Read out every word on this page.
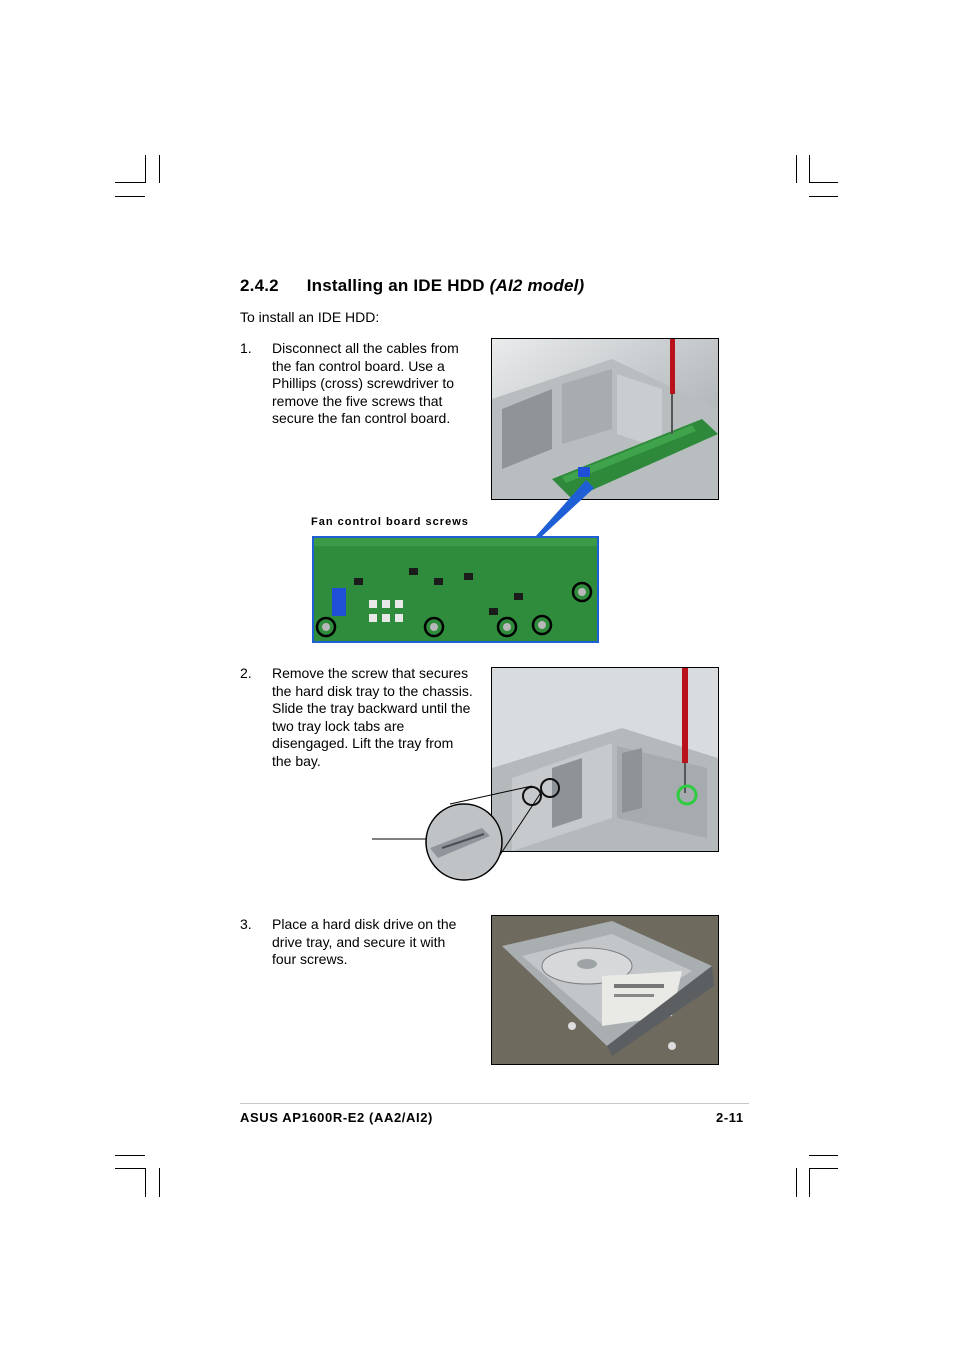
2.4.2 Installing an IDE HDD (AI2 model)
To install an IDE HDD:
1. Disconnect all the cables from
the fan control board. Use a
Phillips (cross) screwdriver to
remove the five screws that
secure the fan control board.
Fan control board screws
2. Remove the screw that secures
the hard disk tray to the chassis.
Slide the tray backward until the
two tray lock tabs are
disengaged. Lift the tray from
the bay.
3. Place a hard disk drive on the
drive tray, and secure it with
four screws.
ASUS AP1600R-E2 (AA2/AI2)	2-11
